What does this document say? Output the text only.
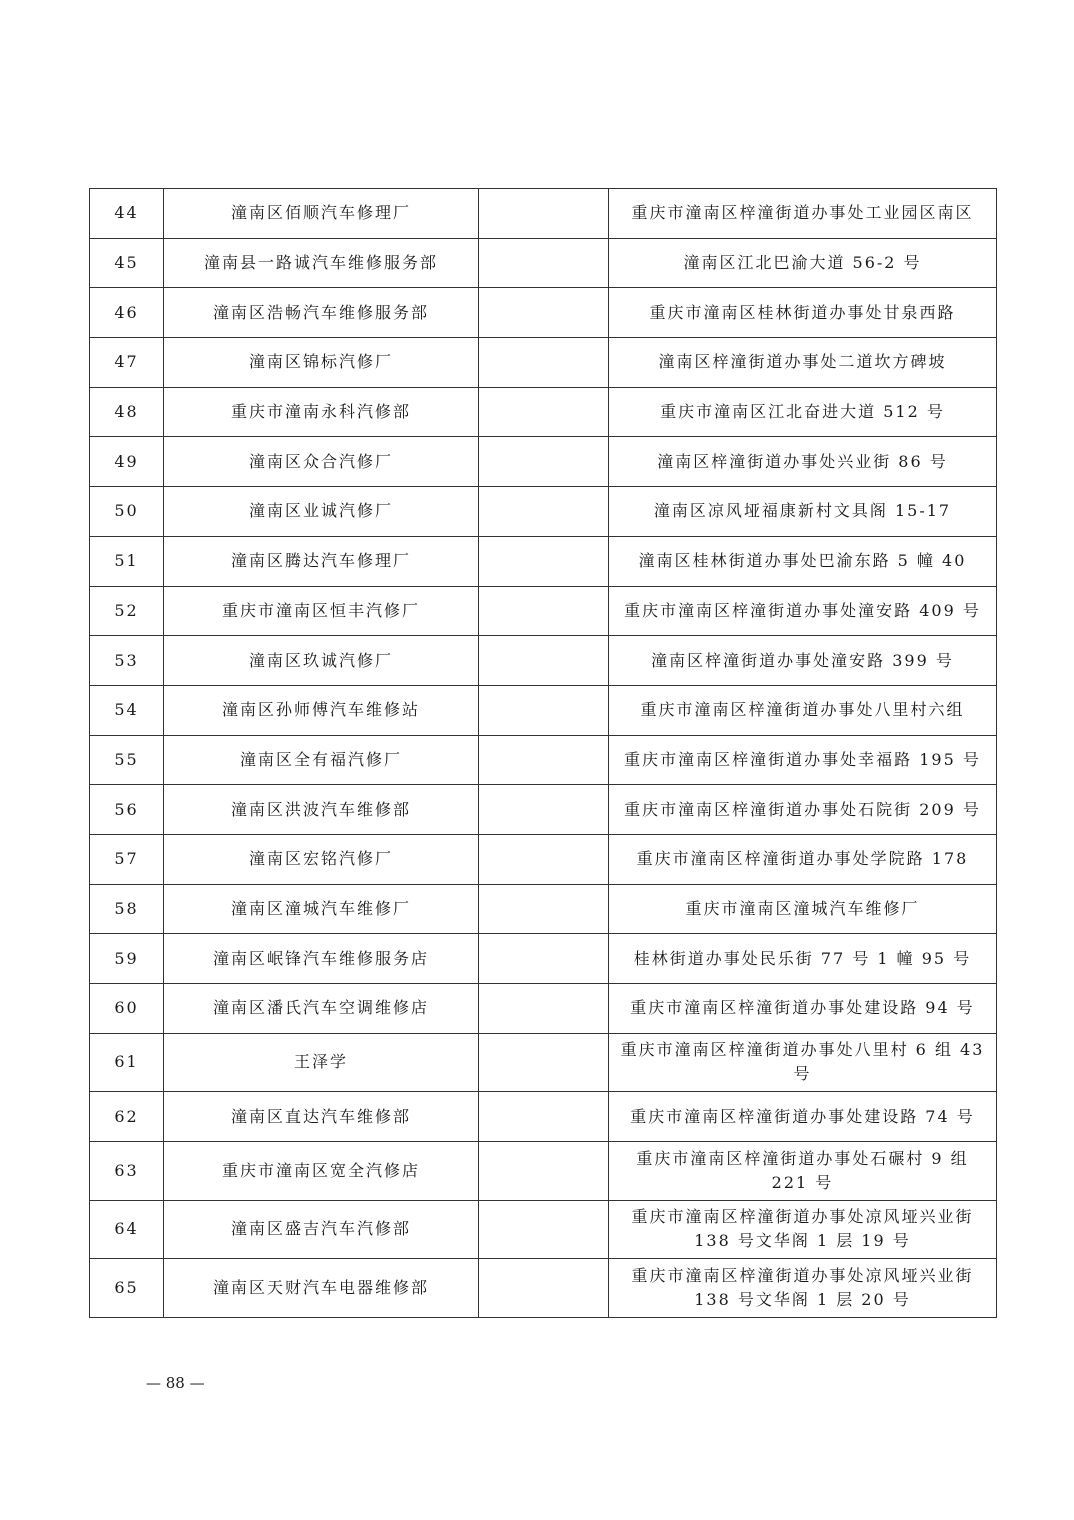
44	潼南区佰顺汽车修理厂		重庆市潼南区梓潼街道办事处工业园区南区
45	潼南县一路诚汽车维修服务部		潼南区江北巴渝大道 56-2 号
46	潼南区浩畅汽车维修服务部		重庆市潼南区桂林街道办事处甘泉西路
47	潼南区锦标汽修厂		潼南区梓潼街道办事处二道坎方碑坡
48	重庆市潼南永科汽修部		重庆市潼南区江北奋进大道 512 号
49	潼南区众合汽修厂		潼南区梓潼街道办事处兴业街 86 号
50	潼南区业诚汽修厂		潼南区凉风垭福康新村文具阁 15-17
51	潼南区腾达汽车修理厂		潼南区桂林街道办事处巴渝东路 5 幢 40
52	重庆市潼南区恒丰汽修厂		重庆市潼南区梓潼街道办事处潼安路 409 号
53	潼南区玖诚汽修厂		潼南区梓潼街道办事处潼安路 399 号
54	潼南区孙师傅汽车维修站		重庆市潼南区梓潼街道办事处八里村六组
55	潼南区全有福汽修厂		重庆市潼南区梓潼街道办事处幸福路 195 号
56	潼南区洪波汽车维修部		重庆市潼南区梓潼街道办事处石院街 209 号
57	潼南区宏铭汽修厂		重庆市潼南区梓潼街道办事处学院路 178
58	潼南区潼城汽车维修厂		重庆市潼南区潼城汽车维修厂
59	潼南区岷锋汽车维修服务店		桂林街道办事处民乐街 77 号 1 幢 95 号
60	潼南区潘氏汽车空调维修店		重庆市潼南区梓潼街道办事处建设路 94 号
61	王泽学		重庆市潼南区梓潼街道办事处八里村 6 组 43 号
62	潼南区直达汽车维修部		重庆市潼南区梓潼街道办事处建设路 74 号
63	重庆市潼南区宽全汽修店		重庆市潼南区梓潼街道办事处石碾村 9 组 221 号
64	潼南区盛吉汽车汽修部		重庆市潼南区梓潼街道办事处凉风垭兴业街 138 号文华阁 1 层 19 号
65	潼南区天财汽车电器维修部		重庆市潼南区梓潼街道办事处凉风垭兴业街 138 号文华阁 1 层 20 号
— 88 —
